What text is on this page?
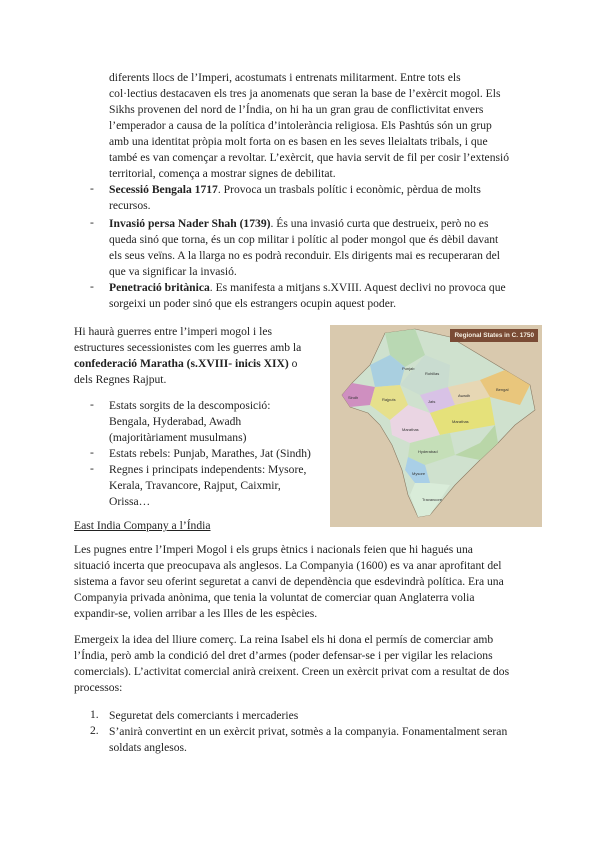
diferents llocs de l’Imperi, acostumats i entrenats militarment. Entre tots els

col·lectius destacaven els tres ja anomenats que seran la base de l’exèrcit mogol. Els

Sikhs provenen del nord de l’Índia, on hi ha un gran grau de conflictivitat envers

l’emperador a causa de la política d’intolerància religiosa. Els Pashtús són un grup

amb una identitat pròpia molt forta on es basen en les seves lleialtats tribals, i que

també es van començar a revoltar. L’exèrcit, que havia servit de fil per cosir l’extensió

territorial, comença a mostrar signes de debilitat.

-	Secessió Bengala 1717. Provoca un trasbals polític i econòmic, pèrdua de molts

recursos.

-	Invasió persa Nader Shah (1739). És una invasió curta que destrueix, però no es

queda sinó que torna, és un cop militar i polític al poder mongol que és dèbil davant

els seus veïns. A la llarga no es podrà reconduir. Els dirigents mai es recuperaran del

que va significar la invasió.

-	Penetració britànica. Es manifesta a mitjans s.XVIII. Aquest declivi no provoca que

sorgeixi un poder sinó que els estrangers ocupin aquest poder.

Hi haurà guerres entre l’imperi mogol i les

estructures secessionistes com les guerres amb la

confederació Maratha (s.XVIII- inicis XIX) o

dels Regnes Rajput.

-	Estats sorgits de la descomposició:

Bengala, Hyderabad, Awadh

(majoritàriament musulmans)

-	Estats rebels: Punjab, Marathes, Jat (Sindh)

-	Regnes i principats independents: Mysore,

Kerala, Travancore, Rajput, Caixmir,

Orissa…

Punjab
Rohillas
Sindh	Rajputs	Jats
Awadh
Bengal
Marathas
Marathas
Hyderabad
Mysore
Travancore
Regional States in C. 1750
East India Company a l’Índia

Les pugnes entre l’Imperi Mogol i els grups ètnics i nacionals feien que hi hagués una

situació incerta que preocupava als anglesos. La Companyia (1600) es va anar aprofitant del

sistema a favor seu oferint seguretat a canvi de dependència que esdevindrà política. Era una

Companyia privada anònima, que tenia la voluntat de comerciar quan Anglaterra volia

expandir-se, volien arribar a les Illes de les espècies.

Emergeix la idea del lliure comerç. La reina Isabel els hi dona el permís de comerciar amb

l’Índia, però amb la condició del dret d’armes (poder defensar-se i per vigilar les relacions

comercials). L’activitat comercial anirà creixent. Creen un exèrcit privat com a resultat de dos

processos:

1. Seguretat dels comerciants i mercaderies

2. S’anirà convertint en un exèrcit privat, sotmès a la companyia. Fonamentalment seran

soldats anglesos.
